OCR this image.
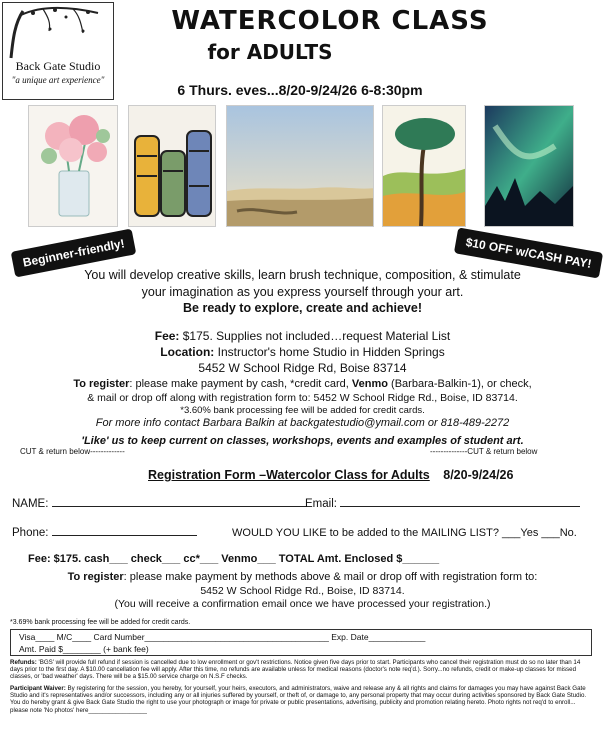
Back Gate Studio
"a unique art experience"
WATERCOLOR CLASS
for ADULTS
6 Thurs. eves...8/20-9/24/26 6-8:30pm
Beginner-friendly!	$10 OFF w/CASH PAY!
You will develop creative skills, learn brush technique, composition, & stimulate
your imagination as you express yourself through your art.
Be ready to explore, create and achieve!
Fee: $175. Supplies not included…request Material List
Location: Instructor's home Studio in Hidden Springs
5452 W School Ridge Rd, Boise 83714
To register: please make payment by cash, *credit card, Venmo (Barbara-Balkin-1), or check,
& mail or drop off along with registration form to: 5452 W School Ridge Rd., Boise, ID 83714.
*3.60% bank processing fee will be added for credit cards.
For more info contact Barbara Balkin at backgatestudio@ymail.com or 818-489-2272
'Like' us to keep current on classes, workshops, events and examples of student art.
CUT & return below-------------	--------------CUT & return below
Registration Form –Watercolor Class for Adults 8/20-9/24/26
NAME:	Email:
Phone:	WOULD YOU LIKE to be added to the MAILING LIST? ___Yes ___No.
Fee: $175. cash___ check___ cc*___ Venmo___ TOTAL Amt. Enclosed $______
To register: please make payment by methods above & mail or drop off with registration form to:
5452 W School Ridge Rd., Boise, ID 83714.
(You will receive a confirmation email once we have processed your registration.)
*3.69% bank processing fee will be added for credit cards.
Visa____ M/C____ Card Number_______________________________________ Exp. Date____________
Amt. Paid $________ (+ bank fee)
Refunds: 'BGS' will provide full refund if session is cancelled due to low enrollment or gov't restrictions. Notice given five days prior to start. Participants who cancel their registration must do so no later than 14 days prior to the first day. A $10.00 cancellation fee will apply. After this time, no refunds are available unless for medical reasons (doctor's note req'd.). Sorry...no refunds, credit or make-up classes for missed classes, or 'bad weather' days. There will be a $15.00 service charge on N.S.F checks.
Participant Waiver: By registering for the session, you hereby, for yourself, your heirs, executors, and administrators, waive and release any & all rights and claims for damages you may have against Back Gate Studio and it's representatives and/or successors, including any or all injuries suffered by yourself, or theft of, or damage to, any personal property that may occur during activities sponsored by Back Gate Studio. You do hereby grant & give Back Gate Studio the right to use your photograph or image for private or public presentations, advertising, publicity and promotion relating hereto. Photo rights not req'd to enroll... please note 'No photos' here_________________
